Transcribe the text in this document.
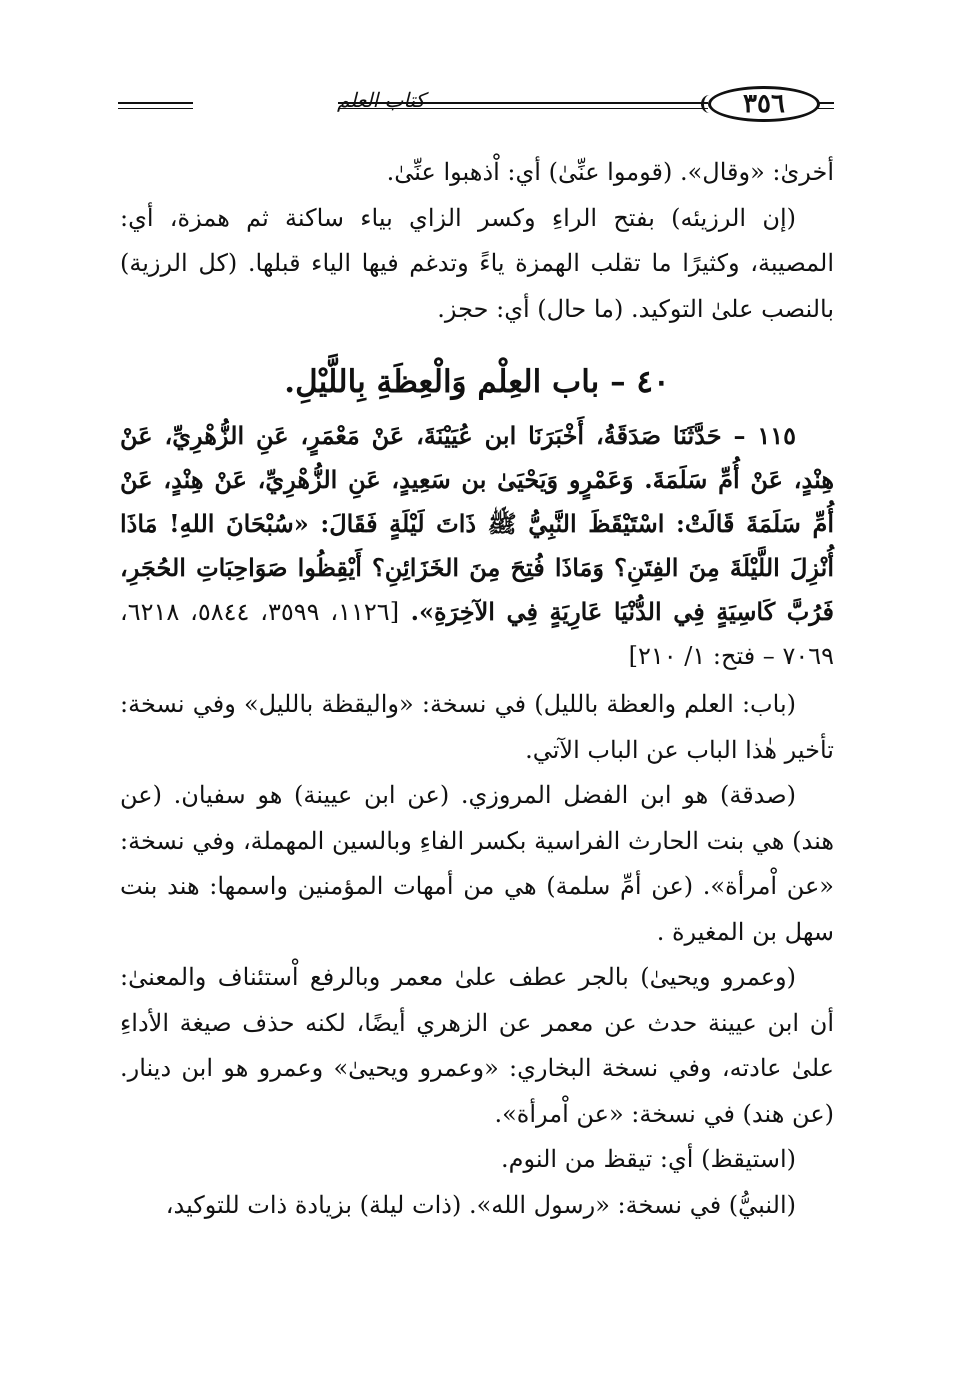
كتاب العلم	٣٥٦

أخرىٰ: «وقال». (قوموا عنِّىٰ) أي: اْذهبوا عنِّىٰ.

(إن الرزيئه) بفتح الراءِ وكسر الزاي بياء ساكنة ثم همزة، أي: المصيبة، وكثيرًا ما تقلب الهمزة ياءً وتدغم فيها الياء قبلها. (كل الرزية) بالنصب علىٰ التوكيد. (ما حال) أي: حجز.

٤٠ – باب العِلْم وَالْعِظَةِ بِاللَّيْلِ.

١١٥ – حَدَّثَنَا صَدَقَةُ، أَخْبَرَنَا ابن عُيَيْنَةَ، عَنْ مَعْمَرٍ، عَنِ الزُّهْرِيِّ، عَنْ هِنْدٍ، عَنْ أُمِّ سَلَمَةَ. وَعَمْرٍو وَيَحْيَىٰ بن سَعِيدٍ، عَنِ الزُّهْرِيِّ، عَنْ هِنْدٍ، عَنْ أُمِّ سَلَمَةَ قَالَتْ: اسْتَيْقَظَ النَّبِيُّ ﷺ ذَاتَ لَيْلَةٍ فَقَالَ: «سُبْحَانَ اللهِ! مَاذَا أُنْزِلَ اللَّيْلَةَ مِنَ الفِتَنِ؟ وَمَاذَا فُتِحَ مِنَ الخَزَائِنِ؟ أَيْقِظُوا صَوَاحِبَاتِ الحُجَرِ، فَرُبَّ كَاسِيَةٍ فِي الدُّنْيَا عَارِيَةٍ فِي الآخِرَةِ». [١١٢٦، ٣٥٩٩، ٥٨٤٤، ٦٢١٨، ٧٠٦٩ – فتح: ١/ ٢١٠]

(باب: العلم والعظة بالليل) في نسخة: «واليقظة بالليل» وفي نسخة: تأخير هٰذا الباب عن الباب الآتي.

(صدقة) هو ابن الفضل المروزي. (عن ابن عيينة) هو سفيان. (عن هند) هي بنت الحارث الفراسية بكسر الفاءِ وبالسين المهملة، وفي نسخة: «عن اْمرأة». (عن أمِّ سلمة) هي من أمهات المؤمنين واسمها: هند بنت سهل بن المغيرة .

(وعمرو ويحيىٰ) بالجر عطف علىٰ معمر وبالرفع اْستئناف والمعنىٰ: أن ابن عيينة حدث عن معمر عن الزهري أيضًا، لكنه حذف صيغة الأداءِ علىٰ عادته، وفي نسخة البخاري: «وعمرو ويحيىٰ» وعمرو هو ابن دينار. (عن هند) في نسخة: «عن اْمرأة».

(استيقظ) أي: تيقظ من النوم.

(النبيُّ) في نسخة: «رسول الله». (ذات ليلة) بزيادة ذات للتوكيد،
